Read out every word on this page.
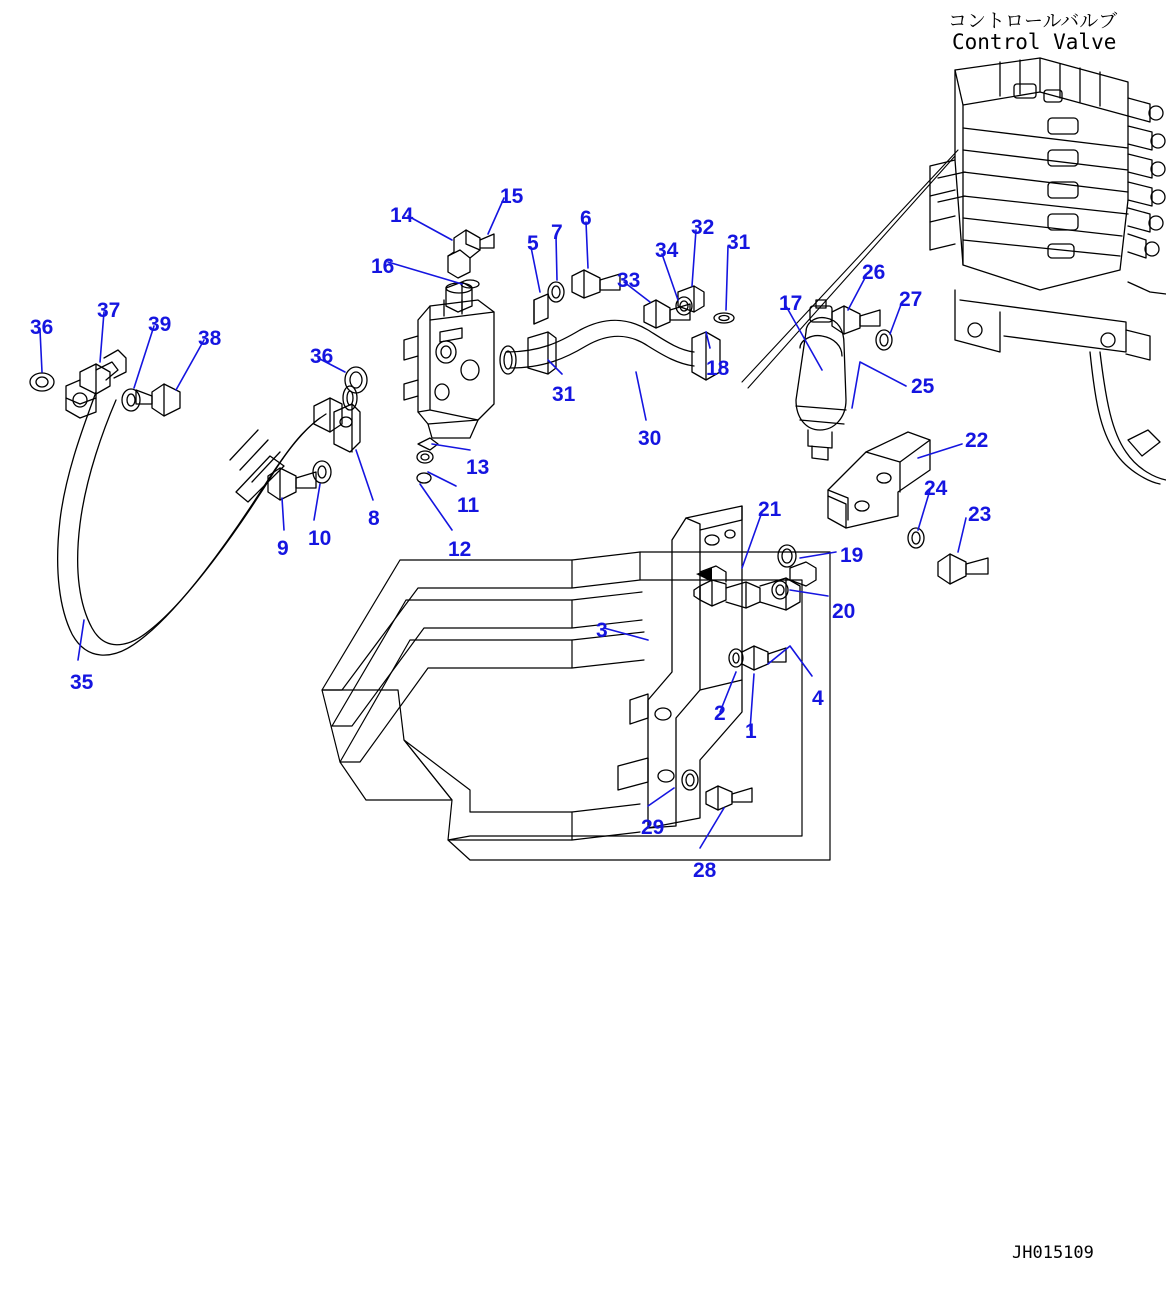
コントロールバルブ
Control Valve
JH015109
1
2
3
4
5
6
7
8
9 10
11
12
13
14
15
16
17
18
19
20
21
22
23
24
25
26
27
28
29
30
31
31
32
33
34
35
36
36
37
38
39
